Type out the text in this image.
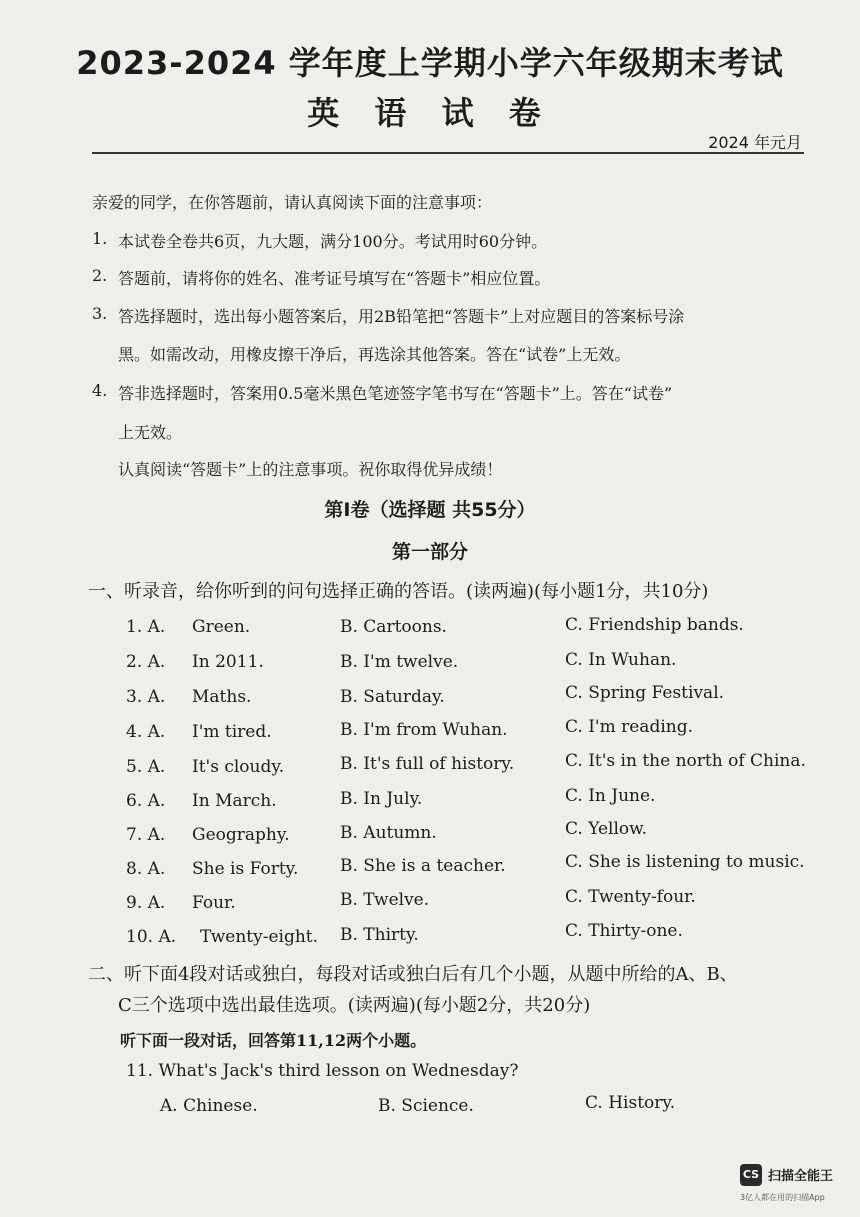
2023-2024 学年度上学期小学六年级期末考试
英 语 试 卷
2024 年元月
亲爱的同学，在你答题前，请认真阅读下面的注意事项：
1. 本试卷全卷共6页，九大题，满分100分。考试用时60分钟。
2. 答题前，请将你的姓名、准考证号填写在“答题卡”相应位置。
3. 答选择题时，选出每小题答案后，用2B铅笔把“答题卡”上对应题目的答案标号涂
黑。如需改动，用橡皮擦干净后，再选涂其他答案。答在“试卷”上无效。
4. 答非选择题时，答案用0.5毫米黑色笔迹签字笔书写在“答题卡”上。答在“试卷”
上无效。
认真阅读“答题卡”上的注意事项。祝你取得优异成绩！
第Ⅰ卷（选择题 共55分）
第一部分
一、听录音，给你听到的问句选择正确的答语。(读两遍)(每小题1分，共10分)
1. A. Green.	B. Cartoons.	C. Friendship bands.
2. A. In 2011.	B. I'm twelve.	C. In Wuhan.
3. A. Maths.	B. Saturday.	C. Spring Festival.
4. A. I'm tired.	B. I'm from Wuhan.	C. I'm reading.
5. A. It's cloudy.	B. It's full of history.	C. It's in the north of China.
6. A. In March.	B. In July.	C. In June.
7. A. Geography.	B. Autumn.	C. Yellow.
8. A. She is Forty. B. She is a teacher.	C. She is listening to music.
9. A. Four.	B. Twelve.	C. Twenty-four.
10. A. Twenty-eight. B. Thirty.	C. Thirty-one.
二、听下面4段对话或独白，每段对话或独白后有几个小题，从题中所给的A、B、
C三个选项中选出最佳选项。(读两遍)(每小题2分，共20分)
听下面一段对话，回答第11,12两个小题。
11. What's Jack's third lesson on Wednesday?
A. Chinese.	B. Science.	C. History.
CS 扫描全能王
3亿人都在用的扫描App
